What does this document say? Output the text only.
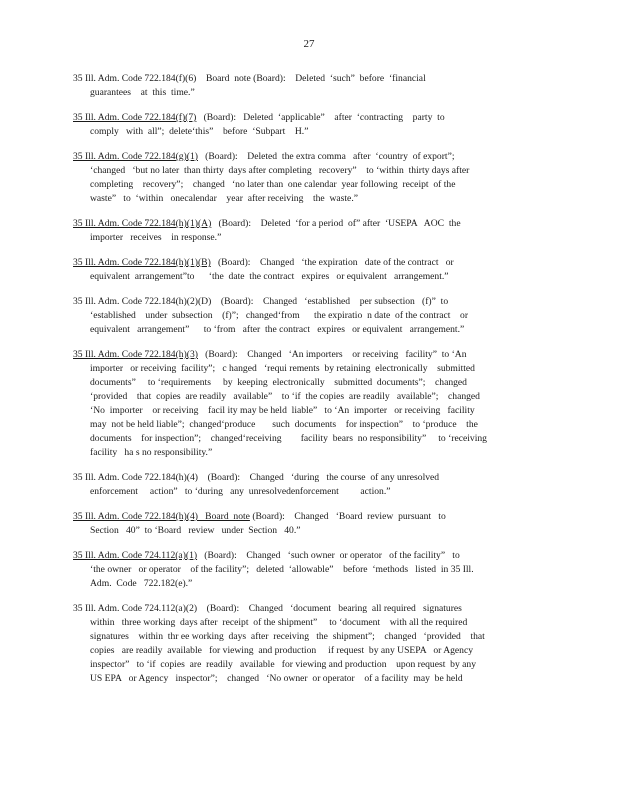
27
35 Ill. Adm. Code 722.184(f)(6)    Board  note (Board):    Deleted  ‘such”  before  ‘financial
guarantees    at  this  time.”
35 Ill. Adm. Code 722.184(f)(7)   (Board):   Deleted  ‘applicable”    after  ‘contracting    party  to
comply   with  all”;  delete‘this”    before  ‘Subpart    H.”
35 Ill. Adm. Code 722.184(g)(1)   (Board):    Deleted  the extra comma   after  ‘country  of export”;
‘changed   ‘but no later  than thirty  days after completing   recovery”    to ‘within  thirty days after
completing    recovery”;    changed   ‘no later than  one calendar  year following  receipt  of the
waste”   to  ‘within   onecalendar    year  after receiving    the  waste.”
35 Ill. Adm. Code 722.184(h)(1)(A)   (Board):    Deleted  ‘for a period  of” after  ‘USEPA   AOC  the
importer   receives    in response.”
35 Ill. Adm. Code 722.184(h)(1)(B)   (Board):    Changed   ‘the expiration   date of the contract   or
equivalent  arrangement”to      ‘the  date  the contract   expires   or equivalent   arrangement.”
35 Ill. Adm. Code 722.184(h)(2)(D)    (Board):    Changed   ‘established    per subsection   (f)”  to
‘established    under  subsection    (f)”;   changed‘from      the expiratio  n date  of the contract    or
equivalent   arrangement”      to ‘from   after  the contract   expires   or equivalent   arrangement.”
35 Ill. Adm. Code 722.184(h)(3)   (Board):    Changed   ‘An importers    or receiving   facility”  to ‘An
importer   or receiving  facility”;   c hanged   ‘requi rements  by retaining  electronically    submitted
documents”     to ‘requirements     by  keeping  electronically    submitted  documents”;    changed
‘provided    that  copies  are readily   available”    to ‘if  the copies  are readily   available”;    changed
‘No  importer    or receiving    facil ity may be held  liable”   to ‘An  importer   or receiving   facility
may  not be held liable”;  changed‘produce       such  documents    for inspection”    to ‘produce    the
documents    for inspection”;    changed‘receiving        facility  bears  no responsibility”     to ‘receiving
facility   ha s no responsibility.”
35 Ill. Adm. Code 722.184(h)(4)    (Board):    Changed   ‘during   the course  of any unresolved
enforcement     action”   to ‘during   any  unresolvedenforcement         action.”
35 Ill. Adm. Code 722.184(h)(4)   Board  note (Board):    Changed   ‘Board  review  pursuant   to
Section   40”  to ‘Board   review   under  Section   40.”
35 Ill. Adm. Code 724.112(a)(1)   (Board):    Changed   ‘such owner  or operator   of the facility”   to
‘the owner   or operator    of the facility”;   deleted  ‘allowable”    before  ‘methods   listed  in 35 Ill.
Adm.  Code   722.182(e).”
35 Ill. Adm. Code 724.112(a)(2)    (Board):    Changed   ‘document   bearing  all required   signatures
within   three working  days after  receipt  of the shipment”     to ‘document    with all the required
signatures    within  thr ee working  days  after  receiving   the  shipment”;    changed   ‘provided    that
copies   are readily  available   for viewing  and production     if request  by any USEPA   or Agency
inspector”   to ‘if  copies  are  readily   available   for viewing and production    upon request  by any
US EPA   or Agency   inspector”;    changed   ‘No owner  or operator    of a facility  may  be held
